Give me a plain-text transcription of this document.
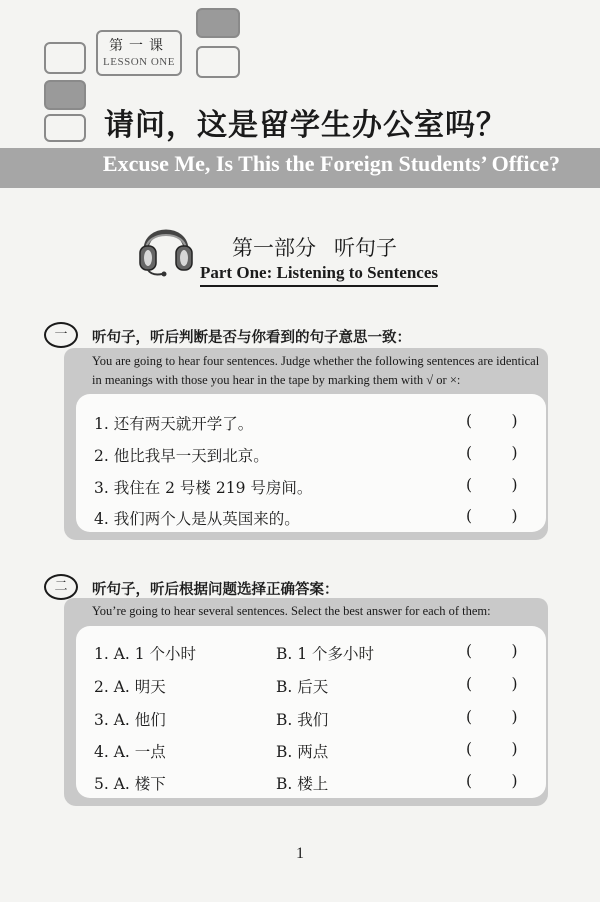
第一课
LESSON ONE
请问，这是留学生办公室吗？
Excuse Me, Is This the Foreign Students’ Office?
第一部分 听句子
Part One: Listening to Sentences
一	听句子，听后判断是否与你看到的句子意思一致：
You are going to hear four sentences. Judge whether the following sentences are identical
in meanings with those you hear in the tape by marking them with √ or ×:
1. 还有两天就开学了。	(        )
2. 他比我早一天到北京。	(        )
3. 我住在 2 号楼 219 号房间。	(        )
4. 我们两个人是从英国来的。	(        )
二	听句子，听后根据问题选择正确答案：
You’re going to hear several sentences. Select the best answer for each of them:
1. A. 1 个小时	B. 1 个多小时	(        )
2. A. 明天	B. 后天	(        )
3. A. 他们	B. 我们	(        )
4. A. 一点	B. 两点	(        )
5. A. 楼下	B. 楼上	(        )
1
